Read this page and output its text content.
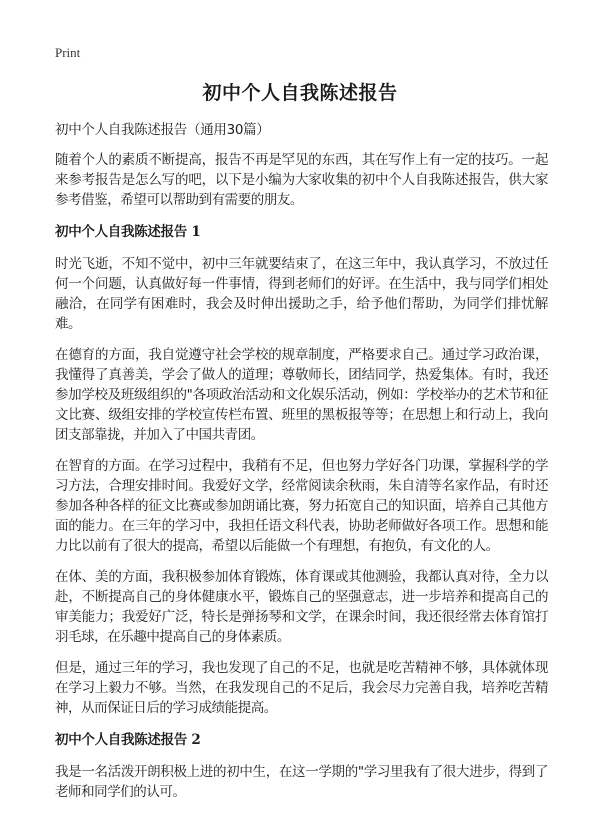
Print
初中个人自我陈述报告
初中个人自我陈述报告（通用30篇）

随着个人的素质不断提高，报告不再是罕见的东西，其在写作上有一定的技巧。一起来参考报告是怎么写的吧，以下是小编为大家收集的初中个人自我陈述报告，供大家参考借鉴，希望可以帮助到有需要的朋友。

初中个人自我陈述报告 1

时光飞逝，不知不觉中，初中三年就要结束了，在这三年中，我认真学习，不放过任何一个问题，认真做好每一件事情，得到老师们的好评。在生活中，我与同学们相处融洽，在同学有困难时，我会及时伸出援助之手，给予他们帮助，为同学们排忧解难。

在德育的方面，我自觉遵守社会学校的规章制度，严格要求自己。通过学习政治课，我懂得了真善美，学会了做人的道理；尊敬师长，团结同学，热爱集体。有时，我还参加学校及班级组织的"各项政治活动和文化娱乐活动，例如：学校举办的艺术节和征文比赛、级组安排的学校宣传栏布置、班里的黑板报等等；在思想上和行动上，我向团支部靠拢，并加入了中国共青团。

在智育的方面。在学习过程中，我稍有不足，但也努力学好各门功课，掌握科学的学习方法，合理安排时间。我爱好文学，经常阅读余秋雨，朱自清等名家作品，有时还参加各种各样的征文比赛或参加朗诵比赛，努力拓宽自己的知识面，培养自己其他方面的能力。在三年的学习中，我担任语文科代表，协助老师做好各项工作。思想和能力比以前有了很大的提高，希望以后能做一个有理想，有抱负，有文化的人。

在体、美的方面，我积极参加体育锻炼，体育课或其他测验，我都认真对待，全力以赴，不断提高自己的身体健康水平，锻炼自己的坚强意志，进一步培养和提高自己的审美能力；我爱好广泛，特长是弹扬琴和文学，在课余时间，我还很经常去体育馆打羽毛球，在乐趣中提高自己的身体素质。

但是，通过三年的学习，我也发现了自己的不足，也就是吃苦精神不够，具体就体现在学习上毅力不够。当然，在我发现自己的不足后，我会尽力完善自我，培养吃苦精神，从而保证日后的学习成绩能提高。

初中个人自我陈述报告 2

我是一名活泼开朗积极上进的初中生，在这一学期的"学习里我有了很大进步，得到了老师和同学们的认可。
